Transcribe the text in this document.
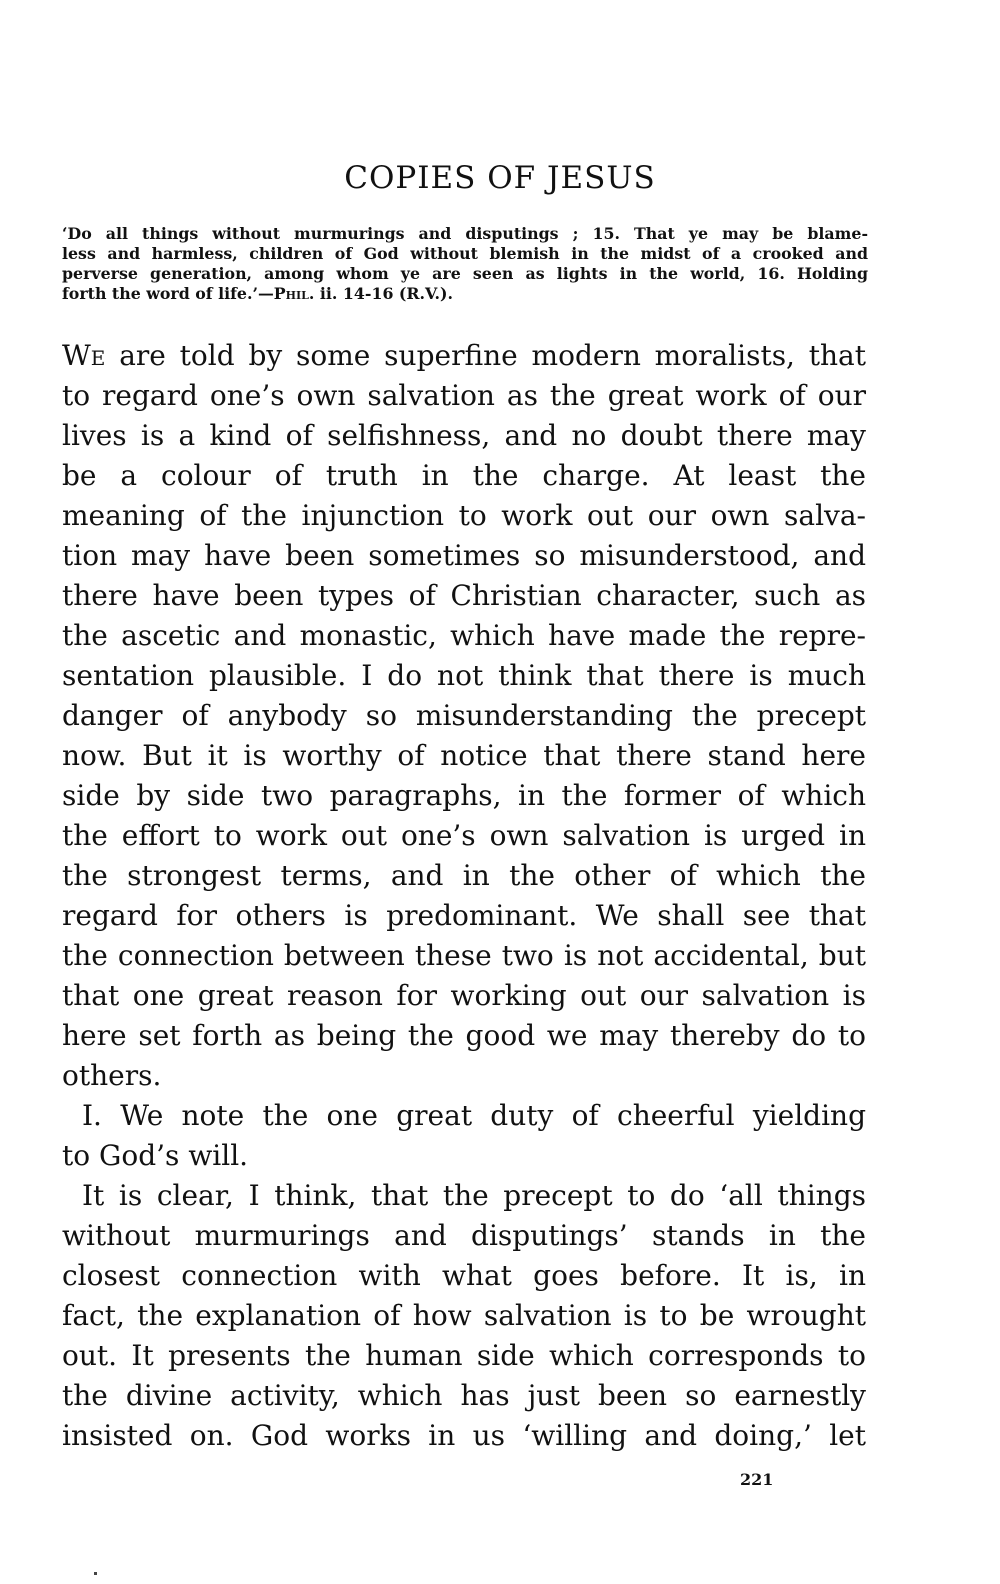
COPIES OF JESUS
‘Do all things without murmurings and disputings ; 15. That ye may be blame-
less and harmless, children of God without blemish in the midst of a crooked and
perverse generation, among whom ye are seen as lights in the world, 16. Holding
forth the word of life.’—Phil. ii. 14-16 (R.V.).
We are told by some superfine modern moralists, that
to regard one’s own salvation as the great work of our
lives is a kind of selfishness, and no doubt there may
be a colour of truth in the charge. At least the
meaning of the injunction to work out our own salva-
tion may have been sometimes so misunderstood, and
there have been types of Christian character, such as
the ascetic and monastic, which have made the repre-
sentation plausible. I do not think that there is much
danger of anybody so misunderstanding the precept
now. But it is worthy of notice that there stand here
side by side two paragraphs, in the former of which
the effort to work out one’s own salvation is urged in
the strongest terms, and in the other of which the
regard for others is predominant. We shall see that
the connection between these two is not accidental, but
that one great reason for working out our salvation is
here set forth as being the good we may thereby do to
others.
I. We note the one great duty of cheerful yielding
to God’s will.
It is clear, I think, that the precept to do ‘all things
without murmurings and disputings’ stands in the
closest connection with what goes before. It is, in
fact, the explanation of how salvation is to be wrought
out. It presents the human side which corresponds to
the divine activity, which has just been so earnestly
insisted on. God works in us ‘willing and doing,’ let
221
